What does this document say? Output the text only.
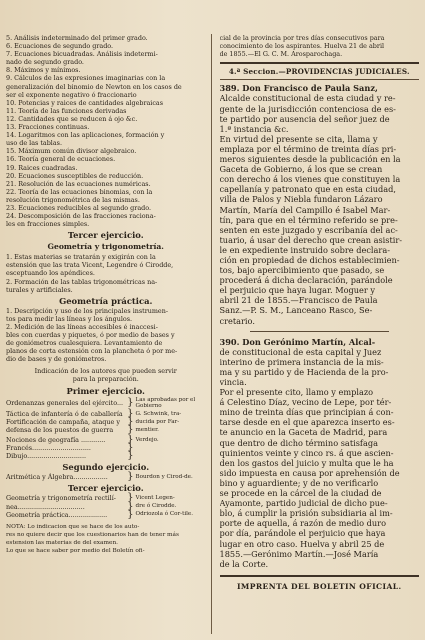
5. Análisis indeterminado del primer grado.

6. Ecuaciones de segundo grado.

7. Ecuaciones bicuadradas. Análisis indetermi-

nado de segundo grado.

8. Máximos y mínimos.

9. Cálculos de las expresiones imaginarias con la

generalización del binomio de Newton en los casos de

ser el exponente negativo ó fraccionario

10. Potencias y raices de cantidades algebraicas

11. Teoría de las funciones derivadas

12. Cantidades que se reducen á ojo &c.

13. Fracciones continuas.

14. Logaritmos con las aplicaciones, formación y

uso de las tablas.

15. Máximum común divisor algebraico.

16. Teoría general de ecuaciones.

19. Raices cuadradas.

20. Ecuaciones susceptibles de reducción.

21. Resolución de las ecuaciones numéricas.

22. Teoría de las ecuaciones binomias, con la

resolución trigonométrica de las mismas.

23. Ecuaciones reducibles al segundo grado.

24. Descomposición de las fracciones raciona-

les en fracciones simples.

Tercer ejercicio.
Geometría y trigonometría.

1. Estas materias se tratarán y exigirán con la

estensión que las trata Vicent, Legendre ó Cirodde,

esceptuando los apéndices.

2. Formación de las tablas trigonométricas na-

turales y artificiales.

Geometría práctica.

1. Descripción y uso de los principales instrumen-

tos para medir las líneas y los ángulos.

2. Medición de las líneas accesibles é inaccesi-

bles con cuerdas y piquetes, ó por medio de bases y

de goniómetros cualesquiera. Levantamiento de

planos de corta estensión con la plancheta ó por me-

dio de bases y de goniómetros.

Indicación de los autores que pueden servir

para la preparación.

Primer ejercicio.
Ordenanzas generales del ejército... } Las aprobadas por el Gobierno
Táctica de infantería ó de caballería } G. Schwink, tra-
Fortificación de campaña, ataque y } ducida por Far-
defensa de los puestos de guerra	} mentier.
Nociones de geografía ............	} Verdejo.
Francés.............................	}
Dibujo.............................	}
Segundo ejercicio.
Aritmética y Álgebra.................	} Bourdon y Cirod-de.
Tercer ejercicio.
Geometría y trigonometría rectilí-	} Vicent Legen-
nea.................................	} dre ó Cirodde.
Geometría práctica...................	} Odriozola ó Cor-tile.

NOTA: Lo indicacion que se hace de los auto-

res no quiere decir que los cuestionarios han de tener más

estension las materias de del examen.

Lo que se hace saber por medio del Boletín ofi-

cial de la provincia por tres días consecutivos para

conocimiento de los aspirantes. Huelva 21 de abril

de 1855.—El G. C. M. Arosparochaga.

4.ª Seccion.—PROVIDENCIAS JUDICIALES.

389. Don Francisco de Paula Sanz,

Alcalde constitucional de esta ciudad y re-

gente de la jurisdicción contenciosa de es-

te partido por ausencia del señor juez de

1.ª instancia &c.

En virtud del presente se cita, llama y

emplaza por el término de treinta días pri-

meros siguientes desde la publicación en la

Gaceta de Gobierno, á los que se crean

con derecho á los vienes que constituyen la

capellanía y patronato que en esta ciudad,

villa de Palos y Niebla fundaron Lázaro

Martín, María del Campillo é Isabel Mar-

tín, para que en el término referido se pre-

senten en este juzgado y escribanía del ac-

tuario, á usar del derecho que crean asistir-

le en expediente instruido sobre declara-

ción en propiedad de dichos establecimien-

tos, bajo apercibimiento que pasado, se

procederá á dicha declaración, parándole

el perjuicio que haya lugar. Moguer y

abril 21 de 1855.—Francisco de Paula

Sanz.—P. S. M., Lanceano Rasco, Se-

cretario.

390. Don Gerónimo Martín, Alcal-

de constitucional de esta capital y Juez

interino de primera instancia de la mis-

ma y su partido y de Hacienda de la pro-

vincia.

Por el presente cito, llamo y emplazo

á Celestino Díaz, vecino de Lepe, por tér-

mino de treinta días que principian á con-

tarse desde en el que aparezca inserto es-

te anuncio en la Gaceta de Madrid, para

que dentro de dicho término satisfaga

quinientos veinte y cinco rs. á que ascien-

den los gastos del juicio y multa que le ha

sido impuesta en causa por aprehensión de

bino y aguardiente; y de no verificarlo

se procede en la cárcel de la ciudad de

Ayamonte, partido judicial de dicho pue-

blo, á cumplir la prisión subsidiaria al im-

porte de aquella, á razón de medio duro

por día, parándole el perjuicio que haya

lugar en otro caso. Huelva y abril 25 de

1855.—Gerónimo Martín.—José María

de la Corte.

IMPRENTA DEL BOLETIN OFICIAL.
